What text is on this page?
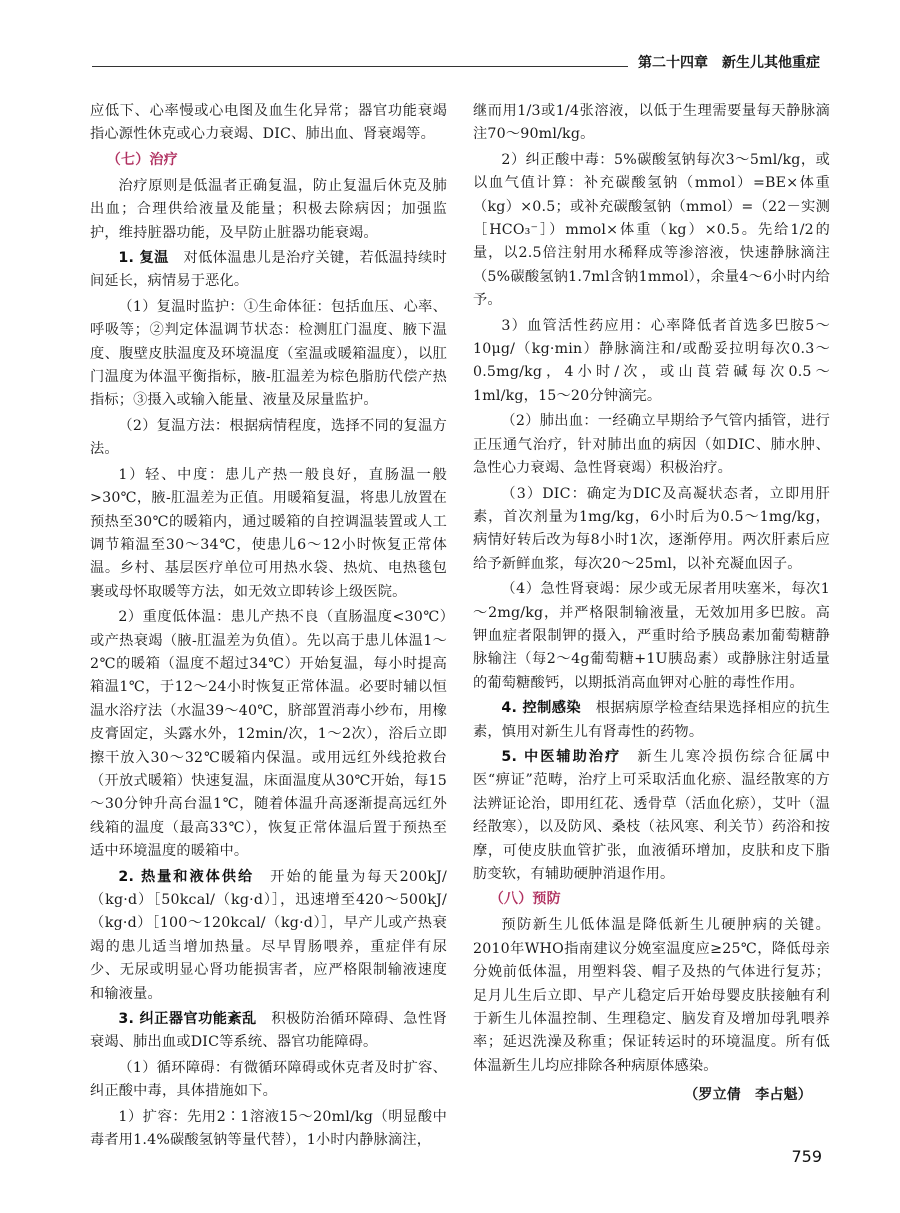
第二十四章　新生儿其他重症

应低下、心率慢或心电图及血生化异常；器官功能衰竭指心源性休克或心力衰竭、DIC、肺出血、肾衰竭等。

（七）治疗

治疗原则是低温者正确复温，防止复温后休克及肺出血；合理供给液量及能量；积极去除病因；加强监护，维持脏器功能，及早防止脏器功能衰竭。

1. 复温　对低体温患儿是治疗关键，若低温持续时间延长，病情易于恶化。

（1）复温时监护：①生命体征：包括血压、心率、呼吸等；②判定体温调节状态：检测肛门温度、腋下温度、腹壁皮肤温度及环境温度（室温或暖箱温度），以肛门温度为体温平衡指标，腋-肛温差为棕色脂肪代偿产热指标；③摄入或输入能量、液量及尿量监护。

（2）复温方法：根据病情程度，选择不同的复温方法。

1）轻、中度：患儿产热一般良好，直肠温一般>30℃，腋-肛温差为正值。用暖箱复温，将患儿放置在预热至30℃的暖箱内，通过暖箱的自控调温装置或人工调节箱温至30～34℃，使患儿6～12小时恢复正常体温。乡村、基层医疗单位可用热水袋、热炕、电热毯包裹或母怀取暖等方法，如无效立即转诊上级医院。

2）重度低体温：患儿产热不良（直肠温度<30℃）或产热衰竭（腋-肛温差为负值）。先以高于患儿体温1～2℃的暖箱（温度不超过34℃）开始复温，每小时提高箱温1℃，于12～24小时恢复正常体温。必要时辅以恒温水浴疗法（水温39～40℃，脐部置消毒小纱布，用橡皮膏固定，头露水外，12min/次，1～2次），浴后立即擦干放入30～32℃暖箱内保温。或用远红外线抢救台（开放式暖箱）快速复温，床面温度从30℃开始，每15～30分钟升高台温1℃，随着体温升高逐渐提高远红外线箱的温度（最高33℃），恢复正常体温后置于预热至适中环境温度的暖箱中。

2. 热量和液体供给　开始的能量为每天200kJ/（kg·d）［50kcal/（kg·d）］，迅速增至420～500kJ/（kg·d）［100～120kcal/（kg·d）］，早产儿或产热衰竭的患儿适当增加热量。尽早胃肠喂养，重症伴有尿少、无尿或明显心肾功能损害者，应严格限制输液速度和输液量。

3. 纠正器官功能紊乱　积极防治循环障碍、急性肾衰竭、肺出血或DIC等系统、器官功能障碍。

（1）循环障碍：有微循环障碍或休克者及时扩容、纠正酸中毒，具体措施如下。

1）扩容：先用2∶1溶液15～20ml/kg（明显酸中毒者用1.4%碳酸氢钠等量代替），1小时内静脉滴注，

继而用1/3或1/4张溶液，以低于生理需要量每天静脉滴注70～90ml/kg。

2）纠正酸中毒：5%碳酸氢钠每次3～5ml/kg，或以血气值计算：补充碳酸氢钠（mmol）=BE×体重（kg）×0.5；或补充碳酸氢钠（mmol）=（22－实测［HCO₃⁻］）mmol×体重（kg）×0.5。先给1/2的量，以2.5倍注射用水稀释成等渗溶液，快速静脉滴注（5%碳酸氢钠1.7ml含钠1mmol），余量4～6小时内给予。

3）血管活性药应用：心率降低者首选多巴胺5～10μg/（kg·min）静脉滴注和/或酚妥拉明每次0.3～0.5mg/kg，4小时/次，或山莨菪碱每次0.5～1ml/kg，15～20分钟滴完。

（2）肺出血：一经确立早期给予气管内插管，进行正压通气治疗，针对肺出血的病因（如DIC、肺水肿、急性心力衰竭、急性肾衰竭）积极治疗。

（3）DIC：确定为DIC及高凝状态者，立即用肝素，首次剂量为1mg/kg，6小时后为0.5～1mg/kg，病情好转后改为每8小时1次，逐渐停用。两次肝素后应给予新鲜血浆，每次20～25ml，以补充凝血因子。

（4）急性肾衰竭：尿少或无尿者用呋塞米，每次1～2mg/kg，并严格限制输液量，无效加用多巴胺。高钾血症者限制钾的摄入，严重时给予胰岛素加葡萄糖静脉输注（每2～4g葡萄糖+1U胰岛素）或静脉注射适量的葡萄糖酸钙，以期抵消高血钾对心脏的毒性作用。

4. 控制感染　根据病原学检查结果选择相应的抗生素，慎用对新生儿有肾毒性的药物。

5. 中医辅助治疗　新生儿寒冷损伤综合征属中医“痹证”范畴，治疗上可采取活血化瘀、温经散寒的方法辨证论治，即用红花、透骨草（活血化瘀），艾叶（温经散寒），以及防风、桑枝（祛风寒、利关节）药浴和按摩，可使皮肤血管扩张，血液循环增加，皮肤和皮下脂肪变软，有辅助硬肿消退作用。

（八）预防

预防新生儿低体温是降低新生儿硬肿病的关键。2010年WHO指南建议分娩室温度应≥25℃，降低母亲分娩前低体温，用塑料袋、帽子及热的气体进行复苏；足月儿生后立即、早产儿稳定后开始母婴皮肤接触有利于新生儿体温控制、生理稳定、脑发育及增加母乳喂养率；延迟洗澡及称重；保证转运时的环境温度。所有低体温新生儿均应排除各种病原体感染。

（罗立倩　李占魁）

759
